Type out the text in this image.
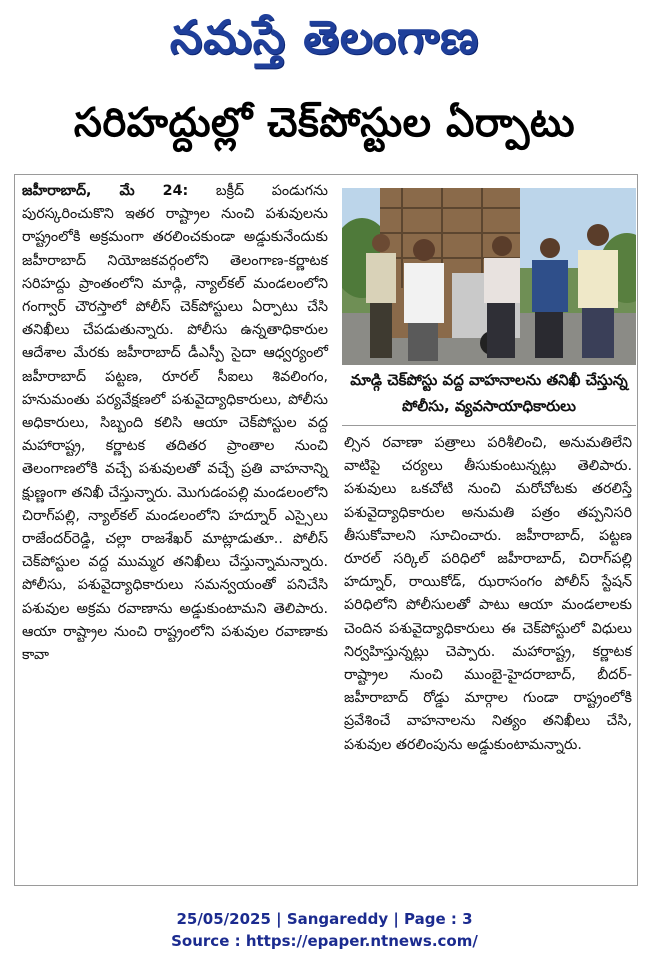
నమస్తే తెలంగాణ
సరిహద్దుల్లో చెక్‌పోస్టుల ఏర్పాటు

జహీరాబాద్, మే 24: బక్రీద్ పండుగను పురస్కరించుకొని ఇతర రాష్ట్రాల నుంచి పశువులను రాష్ట్రంలోకి అక్రమంగా తరలించకుండా అడ్డుకునేందుకు జహీరాబాద్ నియోజకవర్గంలోని తెలంగాణ-కర్ణాటక సరిహద్దు ప్రాంతంలోని మాడ్గి, న్యాల్‌కల్ మండలంలోని గంగ్వార్ చౌరస్తాలో పోలీస్ చెక్‌పోస్టులు ఏర్పాటు చేసి తనిఖీలు చేపడుతున్నారు. పోలీసు ఉన్నతాధికారుల ఆదేశాల మేరకు జహీరాబాద్ డీఎస్పీ సైదా ఆధ్వర్యంలో జహీరాబాద్ పట్టణ, రూరల్ సీఐలు శివలింగం, హనుమంతు పర్యవేక్షణలో పశువైద్యాధికారులు, పోలీసు అధికారులు, సిబ్బంది కలిసి ఆయా చెక్‌పోస్టుల వద్ద మహారాష్ట్ర, కర్ణాటక తదితర ప్రాంతాల నుంచి తెలంగాణలోకి వచ్చే పశువులతో వచ్చే ప్రతి వాహనాన్ని క్షుణ్ణంగా తనిఖీ చేస్తున్నారు. మొగుడంపల్లి మండలంలోని చిరాగ్‌పల్లి, న్యాల్‌కల్ మండలంలోని హద్నూర్ ఎస్సైలు రాజేందర్‌రెడ్డి, చల్లా రాజశేఖర్ మాట్లాడుతూ.. పోలీస్ చెక్‌పోస్టుల వద్ద ముమ్మర తనిఖీలు చేస్తున్నామన్నారు. పోలీసు, పశువైద్యాధికారులు సమన్వయంతో పనిచేసి పశువుల అక్రమ రవాణాను అడ్డుకుంటామని తెలిపారు. ఆయా రాష్ట్రాల నుంచి రాష్ట్రంలోని పశువుల రవాణాకు కావా

మాడ్గి చెక్‌పోస్టు వద్ద వాహనాలను తనిఖీ చేస్తున్న పోలీసు, వ్యవసాయాధికారులు

ల్సిన రవాణా పత్రాలు పరిశీలించి, అనుమతిలేని వాటిపై చర్యలు తీసుకుంటున్నట్లు తెలిపారు. పశువులు ఒకచోటి నుంచి మరోచోటకు తరలిస్తే పశువైద్యాధికారుల అనుమతి పత్రం తప్పనిసరి తీసుకోవాలని సూచించారు. జహీరాబాద్, పట్టణ రూరల్ సర్కిల్ పరిధిలో జహీరాబాద్, చిరాగ్‌పల్లి హద్నూర్, రాయికోడ్, ఝరాసంగం పోలీస్ స్టేషన్ పరిధిలోని పోలీసులతో పాటు ఆయా మండలాలకు చెందిన పశువైద్యాధికారులు ఈ చెక్‌పోస్టులో విధులు నిర్వహిస్తున్నట్లు చెప్పారు. మహారాష్ట్ర, కర్ణాటక రాష్ట్రాల నుంచి ముంబై-హైదరాబాద్, బీదర్-జహీరాబాద్ రోడ్డు మార్గాల గుండా రాష్ట్రంలోకి ప్రవేశించే వాహనాలను నిత్యం తనిఖీలు చేసి, పశువుల తరలింపును అడ్డుకుంటామన్నారు.

25/05/2025 | Sangareddy | Page : 3
Source : https://epaper.ntnews.com/
